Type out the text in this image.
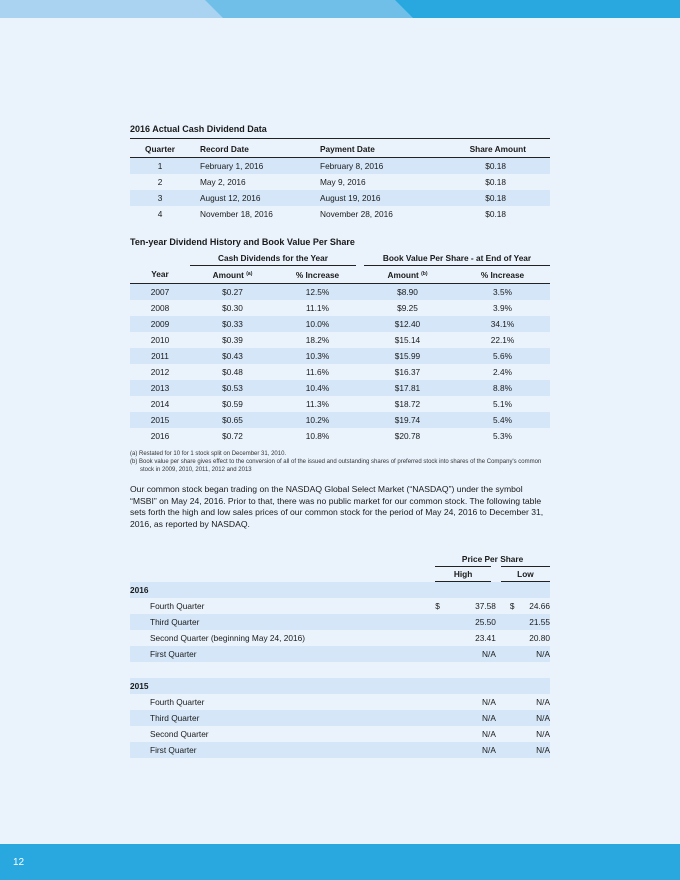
2016 Actual Cash Dividend Data

Quarter	Record Date	Payment Date	Share Amount
1	February 1, 2016	February 8, 2016	$0.18
2	May 2, 2016	May 9, 2016	$0.18
3	August 12, 2016	August 19, 2016	$0.18
4	November 18, 2016	November 28, 2016	$0.18
Ten-year Dividend History and Book Value Per Share
	Cash Dividends for the Year		Book Value Per Share - at End of Year	
Year	Amount $^{(a)}$	% Increase	Amount $^{(b)}$	% Increase
2007	$0.27	12.5%	$8.90	3.5%
2008	$0.30	11.1%	$9.25	3.9%
2009	$0.33	10.0%	$12.40	34.1%
2010	$0.39	18.2%	$15.14	22.1%
2011	$0.43	10.3%	$15.99	5.6%
2012	$0.48	11.6%	$16.37	2.4%
2013	$0.53	10.4%	$17.81	8.8%
2014	$0.59	11.3%	$18.72	5.1%
2015	$0.65	10.2%	$19.74	5.4%
2016	$0.72	10.8%	$20.78	5.3%
(a) Restated for 10 for 1 stock split on December 31, 2010.
(b) Book value per share gives effect to the conversion of all of the issued and outstanding shares of preferred stock into shares of the Company's common stock in 2009, 2010, 2011, 2012 and 2013

Our common stock began trading on the NASDAQ Global Select Market (“NASDAQ”) under the symbol “MSBI” on May 24, 2016. Prior to that, there was no public market for our common stock. The following table sets forth the high and low sales prices of our common stock for the period of May 24, 2016 to December 31, 2016, as reported by NASDAQ.

	Price Per Share			
	High		Low	
2016				
Fourth Quarter	$	37.58	$	24.66
Third Quarter		25.50		21.55
Second Quarter (beginning May 24, 2016)		23.41		20.80
First Quarter		N/A		N/A

2015				
Fourth Quarter		N/A		N/A
Third Quarter		N/A		N/A
Second Quarter		N/A		N/A
First Quarter		N/A		N/A
12
